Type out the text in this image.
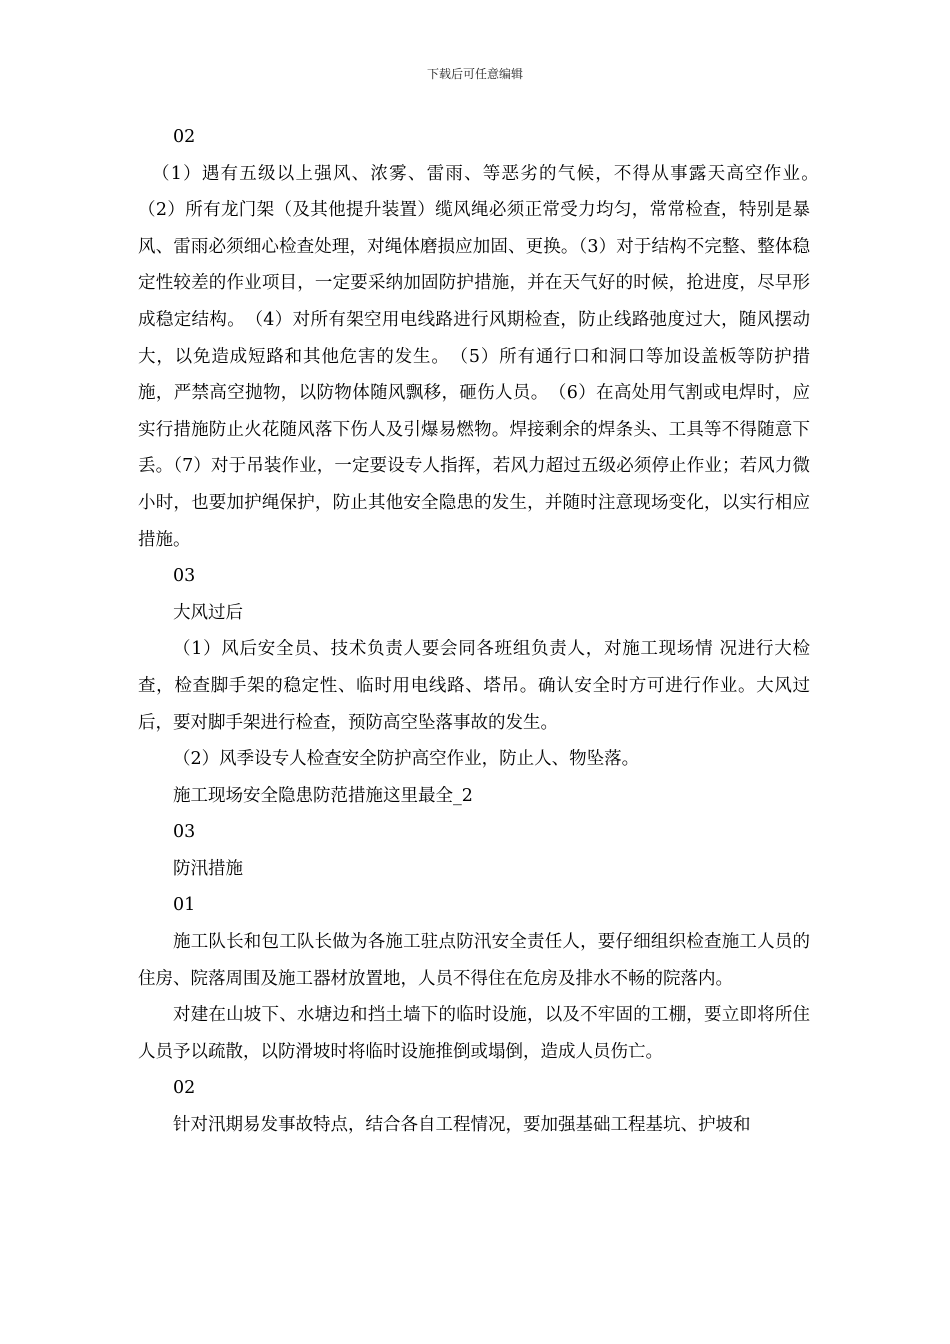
下载后可任意编辑
02

（1）遇有五级以上强风、浓雾、雷雨、等恶劣的气候，不得从事露天高空作业。　（2）所有龙门架（及其他提升装置）缆风绳必须正常受力均匀，常常检查，特别是暴风、雷雨必须细心检查处理，对绳体磨损应加固、更换。（3）对于结构不完整、整体稳定性较差的作业项目，一定要采纳加固防护措施，并在天气好的时候，抢进度，尽早形成稳定结构。　（4）对所有架空用电线路进行风期检查，防止线路弛度过大，随风摆动大，以免造成短路和其他危害的发生。　（5）所有通行口和洞口等加设盖板等防护措施，严禁高空抛物，以防物体随风飘移，砸伤人员。　（6）在高处用气割或电焊时，应实行措施防止火花随风落下伤人及引爆易燃物。焊接剩余的焊条头、工具等不得随意下丢。（7）对于吊装作业，一定要设专人指挥，若风力超过五级必须停止作业；若风力微小时，也要加护绳保护，防止其他安全隐患的发生，并随时注意现场变化，以实行相应措施。

03
大风过后

（1）风后安全员、技术负责人要会同各班组负责人，对施工现场情 况进行大检查，检查脚手架的稳定性、临时用电线路、塔吊。确认安全时方可进行作业。大风过后，要对脚手架进行检查，预防高空坠落事故的发生。

（2）风季设专人检查安全防护高空作业，防止人、物坠落。

施工现场安全隐患防范措施这里最全_2
03
防汛措施
01

施工队长和包工队长做为各施工驻点防汛安全责任人，要仔细组织检查施工人员的住房、院落周围及施工器材放置地，人员不得住在危房及排水不畅的院落内。

对建在山坡下、水塘边和挡土墙下的临时设施，以及不牢固的工棚，要立即将所住人员予以疏散，以防滑坡时将临时设施推倒或塌倒，造成人员伤亡。

02

针对汛期易发事故特点，结合各自工程情况，要加强基础工程基坑、护坡和
